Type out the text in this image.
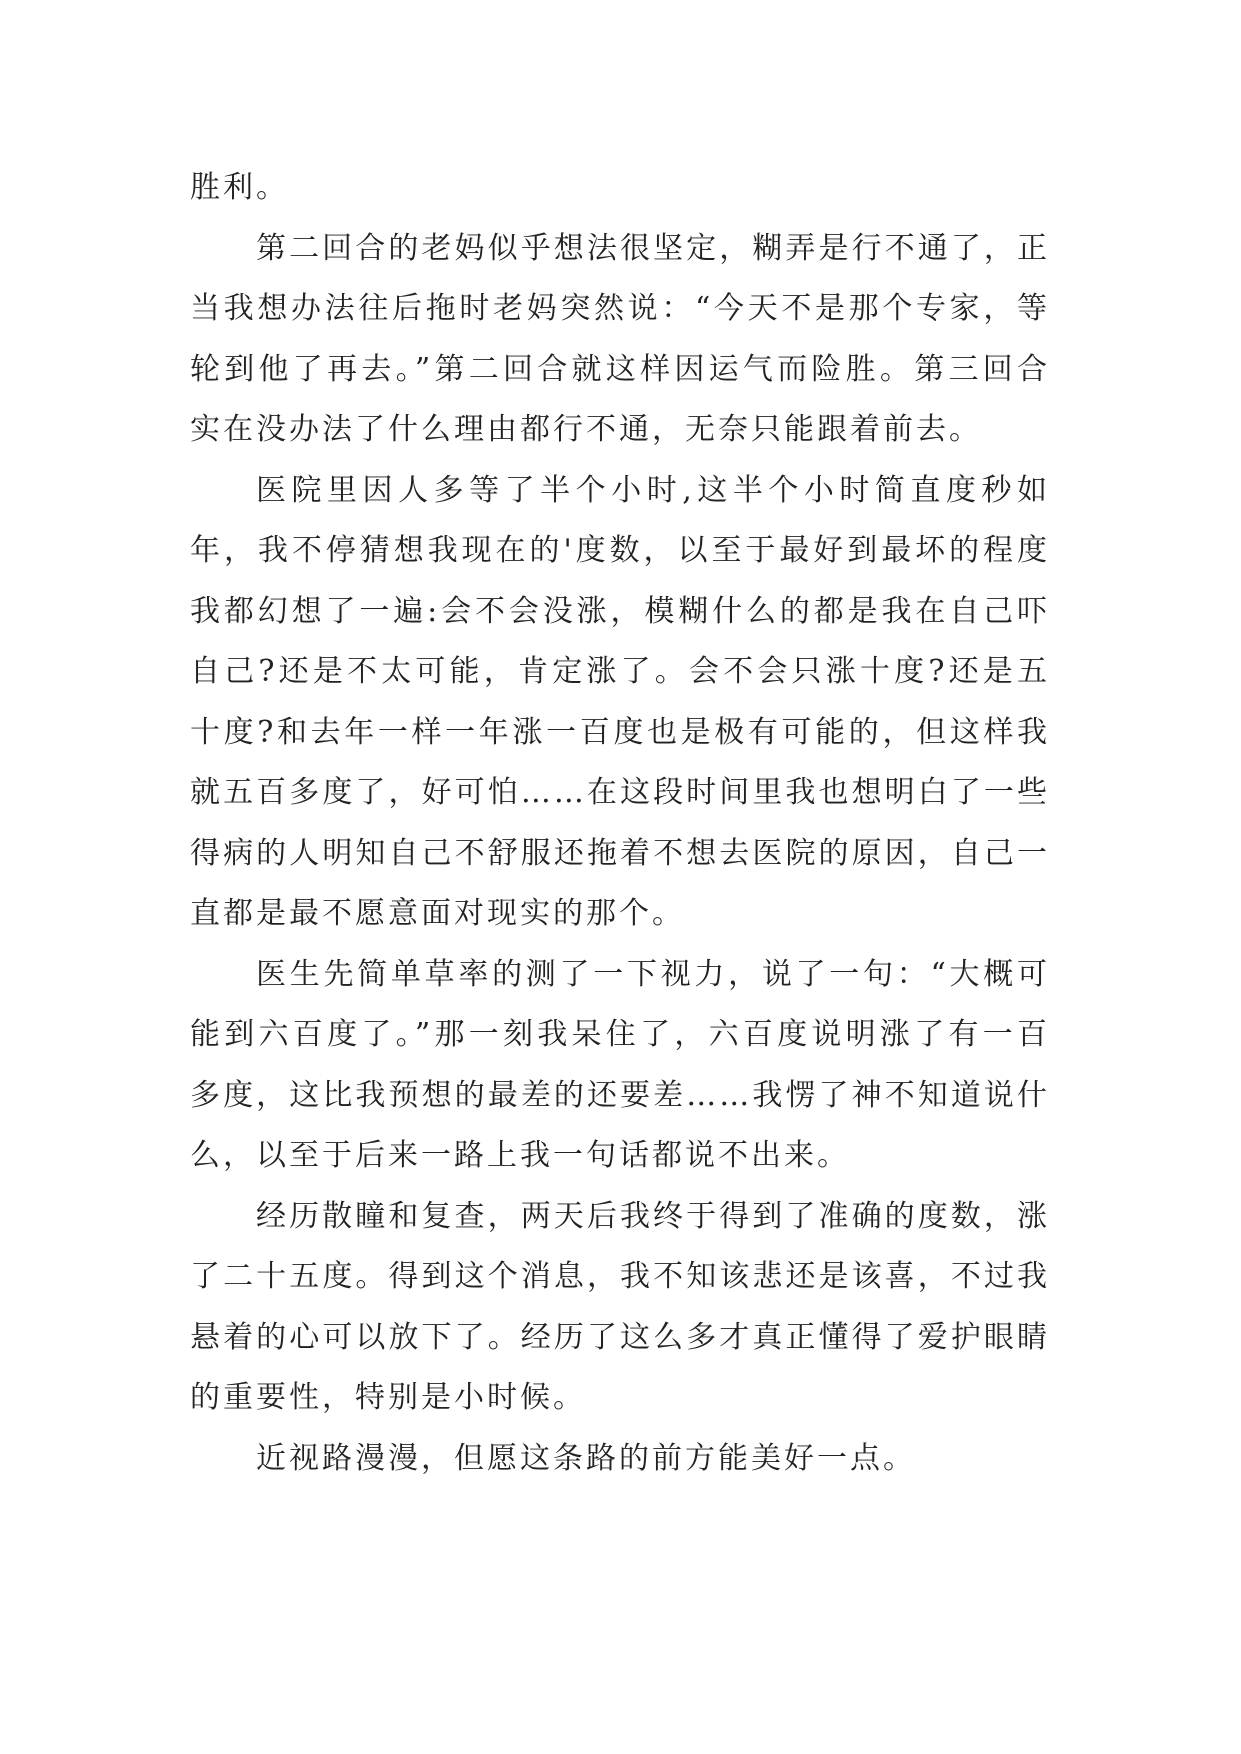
胜利。

第二回合的老妈似乎想法很坚定，糊弄是行不通了，正当我想办法往后拖时老妈突然说：“今天不是那个专家，等轮到他了再去。”第二回合就这样因运气而险胜。第三回合实在没办法了什么理由都行不通，无奈只能跟着前去。

医院里因人多等了半个小时,这半个小时简直度秒如年，我不停猜想我现在的'度数，以至于最好到最坏的程度我都幻想了一遍:会不会没涨，模糊什么的都是我在自己吓自己?还是不太可能，肯定涨了。会不会只涨十度?还是五十度?和去年一样一年涨一百度也是极有可能的，但这样我就五百多度了，好可怕……在这段时间里我也想明白了一些得病的人明知自己不舒服还拖着不想去医院的原因，自己一直都是最不愿意面对现实的那个。

医生先简单草率的测了一下视力，说了一句：“大概可能到六百度了。”那一刻我呆住了，六百度说明涨了有一百多度，这比我预想的最差的还要差……我愣了神不知道说什么，以至于后来一路上我一句话都说不出来。

经历散瞳和复查，两天后我终于得到了准确的度数，涨了二十五度。得到这个消息，我不知该悲还是该喜，不过我悬着的心可以放下了。经历了这么多才真正懂得了爱护眼睛的重要性，特别是小时候。

近视路漫漫，但愿这条路的前方能美好一点。
